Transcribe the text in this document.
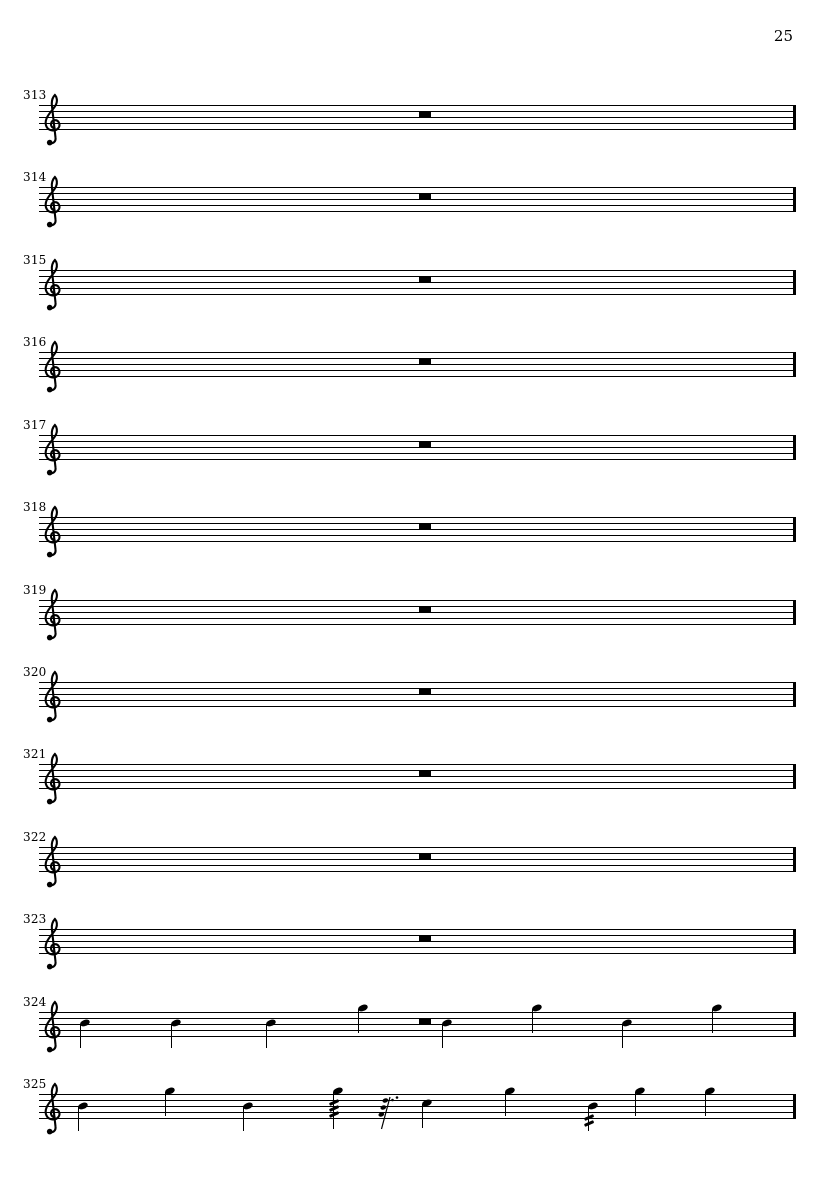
25
313
314
315
316
317
318
319
320
321
322
323
324
325
